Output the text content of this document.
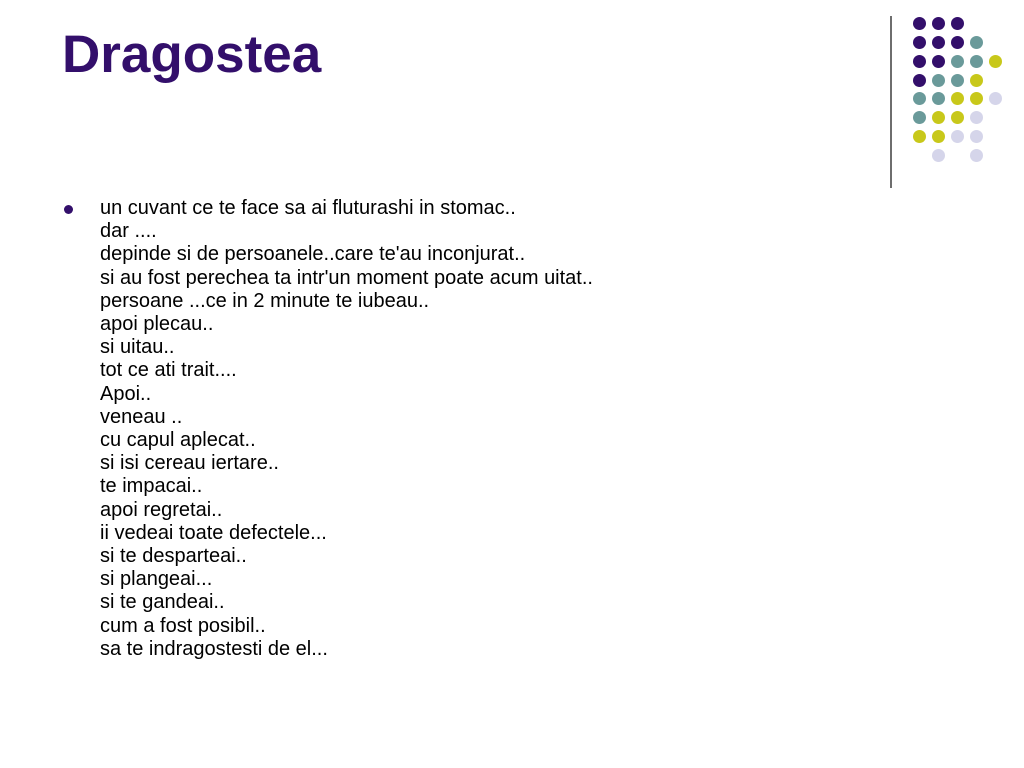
Dragostea
un cuvant ce te face sa ai fluturashi in stomac..
dar ....
depinde si de persoanele..care te'au inconjurat..
si au fost perechea ta intr'un moment poate acum uitat..
persoane ...ce in 2 minute te iubeau..
apoi plecau..
si uitau..
tot ce ati trait....
Apoi..
veneau ..
cu capul aplecat..
si isi cereau iertare..
te impacai..
apoi regretai..
ii vedeai toate defectele...
si te desparteai..
si plangeai...
si te gandeai..
cum a fost posibil..
sa te indragostesti de el...
